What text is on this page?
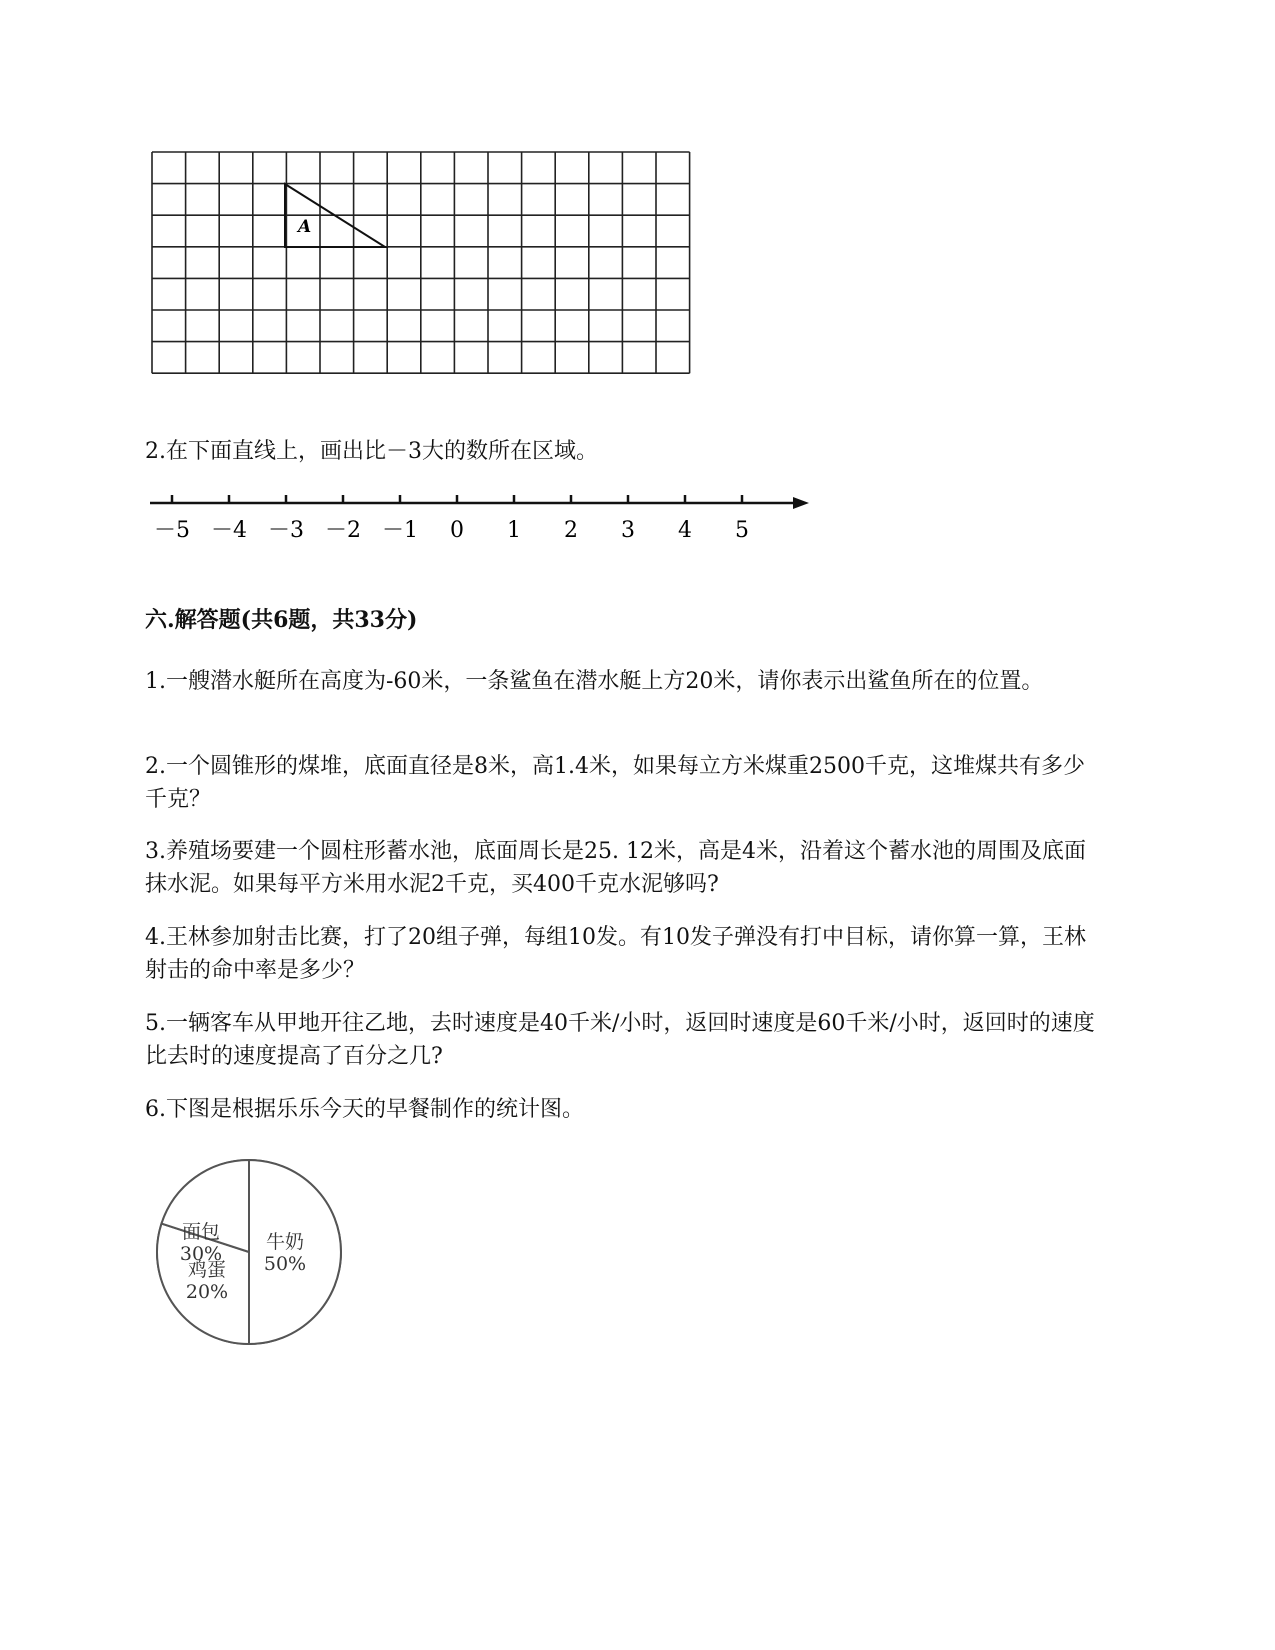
A
2.在下面直线上，画出比－3大的数所在区域。
－5 －4 －3 －2 －1 0 1 2 3 4 5
六.解答题(共6题，共33分)
1.一艘潜水艇所在高度为-60米，一条鲨鱼在潜水艇上方20米，请你表示出鲨鱼所在的位置。
2.一个圆锥形的煤堆，底面直径是8米，高1.4米，如果每立方米煤重2500千克，这堆煤共有多少千克？
3.养殖场要建一个圆柱形蓄水池，底面周长是25. 12米，高是4米，沿着这个蓄水池的周围及底面抹水泥。如果每平方米用水泥2千克，买400千克水泥够吗?
4.王林参加射击比赛，打了20组子弹，每组10发。有10发子弹没有打中目标，请你算一算，王林射击的命中率是多少？
5.一辆客车从甲地开往乙地，去时速度是40千米/小时，返回时速度是60千米/小时，返回时的速度比去时的速度提高了百分之几?
6.下图是根据乐乐今天的早餐制作的统计图。
牛奶
50%
面包
30%
鸡蛋
20%
